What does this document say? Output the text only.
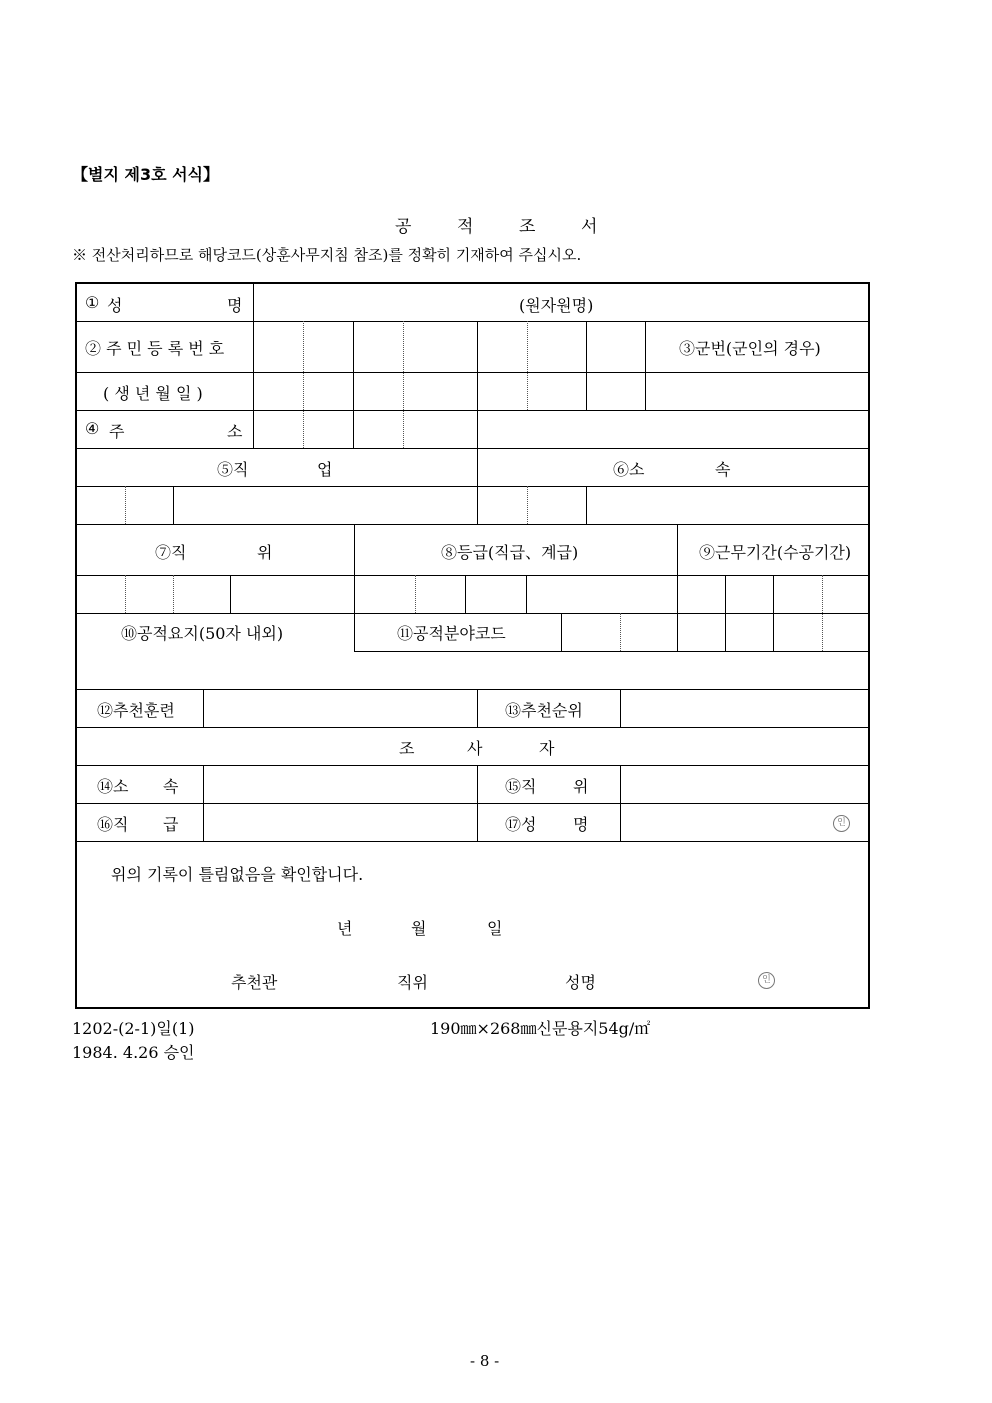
【별지 제3호 서식】
공	적	조	서
※ 전산처리하므로 해당코드(상훈사무지침 참조)를 정확히 기재하여 주십시오.
① 성	명	(원자원명)
② 주 민 등 록 번 호	③군번(군인의 경우)
( 생 년 월 일 )
④ 주	소
⑤직	업	⑥소	속
⑦직	위	⑧등급(직급、계급)	⑨근무기간(수공기간)
⑩공적요지(50자 내외)	⑪공적분야코드
⑫추천훈련	⑬추천순위
조	사	자
⑭소 속	⑮직 위
⑯직 급	⑰성 명	인
위의 기록이 틀림없음을 확인합니다.
년	월	일
추천관	직위	성명	인
1202-(2-1)일(1)
1984. 4.26 승인
190㎜×268㎜신문용지54g/㎡
- 8 -
